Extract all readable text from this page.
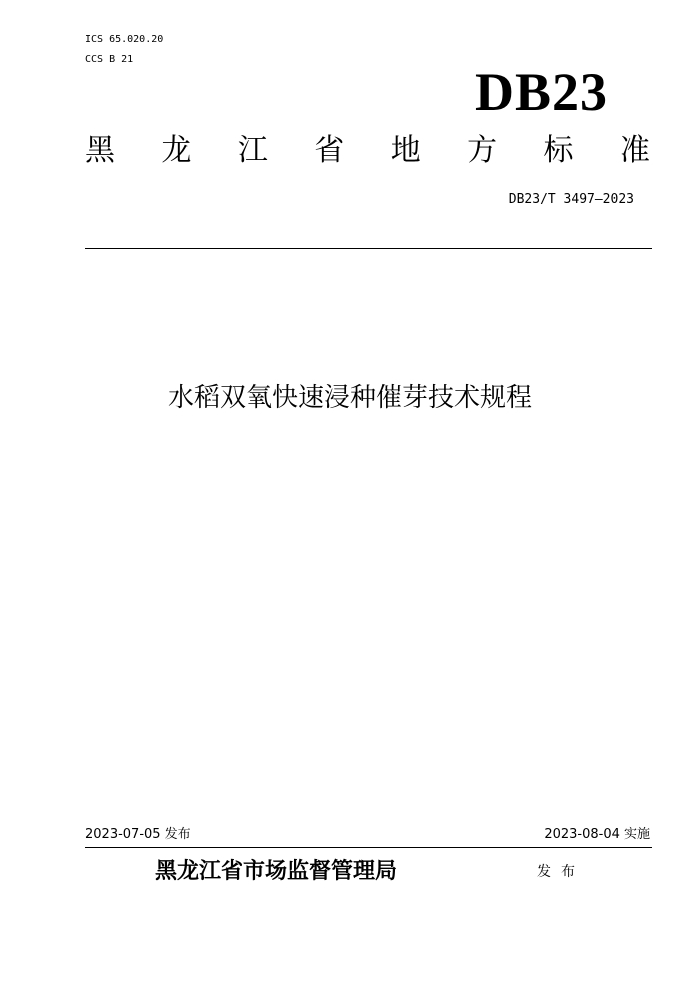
ICS 65.020.20
CCS B 21
DB23
黑 龙 江 省 地 方 标 准
DB23/T 3497—2023
水稻双氧快速浸种催芽技术规程
2023-07-05 发布	2023-08-04 实施
黑龙江省市场监督管理局	发布
